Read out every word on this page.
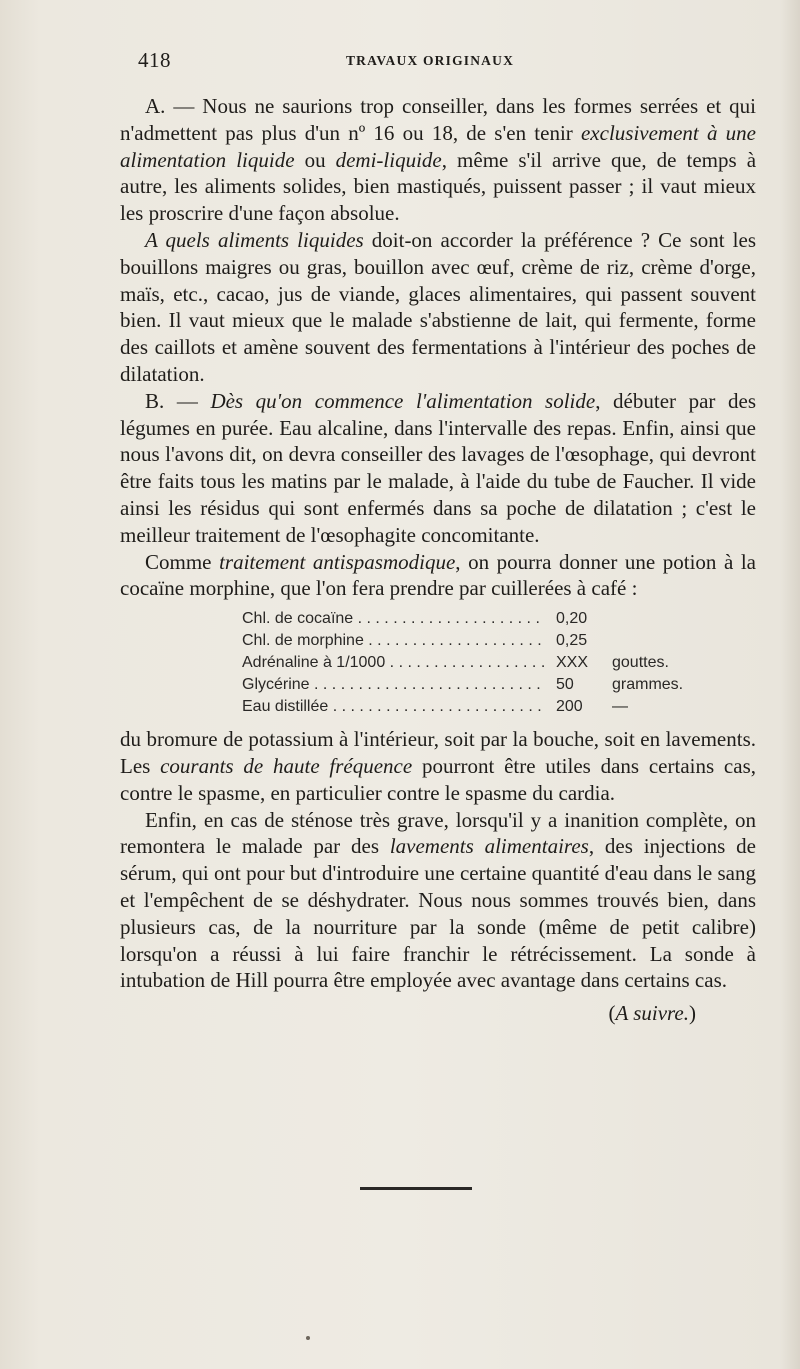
418	TRAVAUX ORIGINAUX

A. — Nous ne saurions trop conseiller, dans les formes serrées et qui n'admettent pas plus d'un nº 16 ou 18, de s'en tenir exclusivement à une alimentation liquide ou demi-liquide, même s'il arrive que, de temps à autre, les aliments solides, bien mastiqués, puissent passer ; il vaut mieux les proscrire d'une façon absolue.

A quels aliments liquides doit-on accorder la préférence ? Ce sont les bouillons maigres ou gras, bouillon avec œuf, crème de riz, crème d'orge, maïs, etc., cacao, jus de viande, glaces alimentaires, qui passent souvent bien. Il vaut mieux que le malade s'abstienne de lait, qui fermente, forme des caillots et amène souvent des fermentations à l'intérieur des poches de dilatation.

B. — Dès qu'on commence l'alimentation solide, débuter par des légumes en purée. Eau alcaline, dans l'intervalle des repas. Enfin, ainsi que nous l'avons dit, on devra conseiller des lavages de l'œsophage, qui devront être faits tous les matins par le malade, à l'aide du tube de Faucher. Il vide ainsi les résidus qui sont enfermés dans sa poche de dilatation ; c'est le meilleur traitement de l'œsophagite concomitante.

Comme traitement antispasmodique, on pourra donner une potion à la cocaïne morphine, que l'on fera prendre par cuillerées à café :

Chl. de cocaïne . . .	0,20
Chl. de morphine . . .	0,25
Adrénaline à 1/1000 . . .	XXX	gouttes.
Glycérine . . .	50	grammes.
Eau distillée . . .	200	—

du bromure de potassium à l'intérieur, soit par la bouche, soit en lavements. Les courants de haute fréquence pourront être utiles dans certains cas, contre le spasme, en particulier contre le spasme du cardia.

Enfin, en cas de sténose très grave, lorsqu'il y a inanition complète, on remontera le malade par des lavements alimentaires, des injections de sérum, qui ont pour but d'introduire une certaine quantité d'eau dans le sang et l'empêchent de se déshydrater. Nous nous sommes trouvés bien, dans plusieurs cas, de la nourriture par la sonde (même de petit calibre) lorsqu'on a réussi à lui faire franchir le rétrécissement. La sonde à intubation de Hill pourra être employée avec avantage dans certains cas.

(A suivre.)
